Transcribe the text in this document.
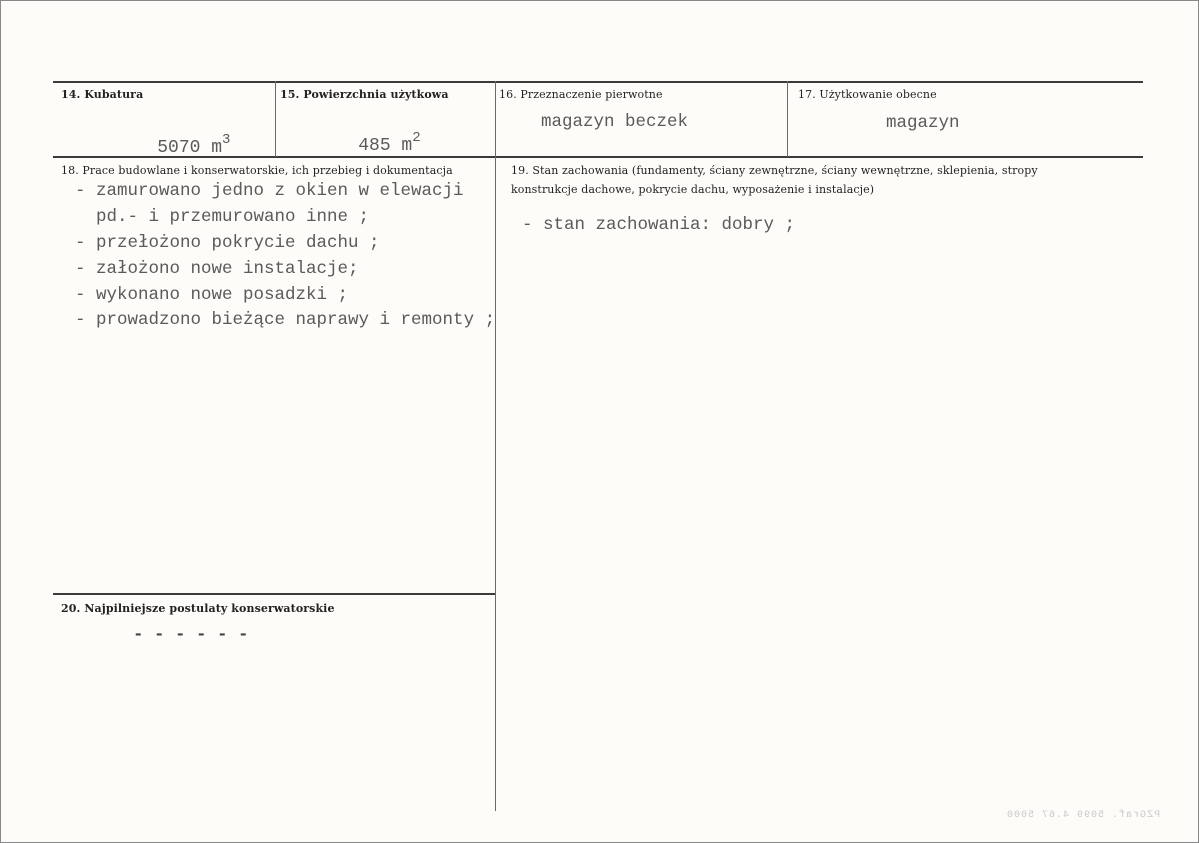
14. Kubatura

5070 $m^3$

15. Powierzchnia użytkowa

485 $m^2$

16. Przeznaczenie pierwotne
magazyn beczek
17. Użytkowanie obecne
magazyn
18. Prace budowlane i konserwatorskie, ich przebieg i dokumentacja
- zamurowano jedno z okien w elewacji
pd.- i przemurowano inne ;
- przełożono pokrycie dachu ;
- założono nowe instalacje;
- wykonano nowe posadzki ;
- prowadzono bieżące naprawy i remonty ;
19. Stan zachowania (fundamenty, ściany zewnętrzne, ściany wewnętrzne, sklepienia, stropy
konstrukcje dachowe, pokrycie dachu, wyposażenie i instalacje)
- stan zachowania: dobry ;
20. Najpilniejsze postulaty konserwatorskie
- - - - - -
PZGraf. 5099 4.67 5000
